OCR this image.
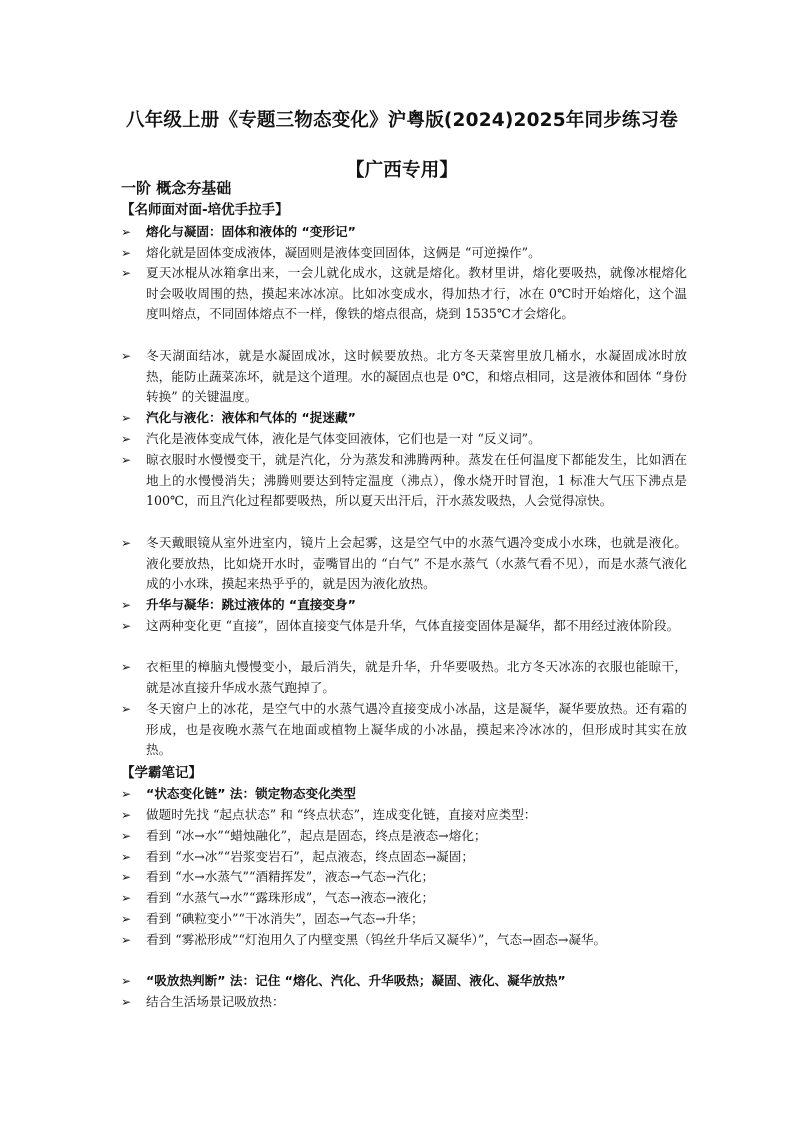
八年级上册《专题三物态变化》沪粤版(2024)2025年同步练习卷【广西专用】
一阶 概念夯基础
【名师面对面-培优手拉手】
➢	熔化与凝固：固体和液体的 “变形记”
➢	熔化就是固体变成液体，凝固则是液体变回固体，这俩是 “可逆操作”。
➢	夏天冰棍从冰箱拿出来，一会儿就化成水，这就是熔化。教材里讲，熔化要吸热，就像冰棍熔化时会吸收周围的热，摸起来冰冰凉。比如冰变成水，得加热才行，冰在 0℃时开始熔化，这个温度叫熔点，不同固体熔点不一样，像铁的熔点很高，烧到 1535℃才会熔化。
➢	冬天湖面结冰，就是水凝固成冰，这时候要放热。北方冬天菜窖里放几桶水，水凝固成冰时放热，能防止蔬菜冻坏，就是这个道理。水的凝固点也是 0℃，和熔点相同，这是液体和固体 “身份转换” 的关键温度。
➢	汽化与液化：液体和气体的 “捉迷藏”
➢	汽化是液体变成气体，液化是气体变回液体，它们也是一对 “反义词”。
➢	晾衣服时水慢慢变干，就是汽化，分为蒸发和沸腾两种。蒸发在任何温度下都能发生，比如洒在地上的水慢慢消失；沸腾则要达到特定温度（沸点），像水烧开时冒泡，1 标准大气压下沸点是 100℃，而且汽化过程都要吸热，所以夏天出汗后，汗水蒸发吸热，人会觉得凉快。
➢	冬天戴眼镜从室外进室内，镜片上会起雾，这是空气中的水蒸气遇冷变成小水珠，也就是液化。液化要放热，比如烧开水时，壶嘴冒出的 “白气” 不是水蒸气（水蒸气看不见），而是水蒸气液化成的小水珠，摸起来热乎乎的，就是因为液化放热。
➢	升华与凝华：跳过液体的 “直接变身”
➢	这两种变化更 “直接”，固体直接变气体是升华，气体直接变固体是凝华，都不用经过液体阶段。
➢	衣柜里的樟脑丸慢慢变小，最后消失，就是升华，升华要吸热。北方冬天冰冻的衣服也能晾干，就是冰直接升华成水蒸气跑掉了。
➢	冬天窗户上的冰花，是空气中的水蒸气遇冷直接变成小冰晶，这是凝华，凝华要放热。还有霜的形成，也是夜晚水蒸气在地面或植物上凝华成的小冰晶，摸起来冷冰冰的，但形成时其实在放热。
【学霸笔记】
➢	“状态变化链” 法：锁定物态变化类型
➢	做题时先找 “起点状态” 和 “终点状态”，连成变化链，直接对应类型：
➢	看到 “冰→水”“蜡烛融化”，起点是固态，终点是液态→熔化；
➢	看到 “水→冰”“岩浆变岩石”，起点液态，终点固态→凝固；
➢	看到 “水→水蒸气”“酒精挥发”，液态→气态→汽化；
➢	看到 “水蒸气→水”“露珠形成”，气态→液态→液化；
➢	看到 “碘粒变小”“干冰消失”，固态→气态→升华；
➢	看到 “雾凇形成”“灯泡用久了内壁变黑（钨丝升华后又凝华）”，气态→固态→凝华。
➢	“吸放热判断” 法：记住 “熔化、汽化、升华吸热；凝固、液化、凝华放热”
➢	结合生活场景记吸放热：
